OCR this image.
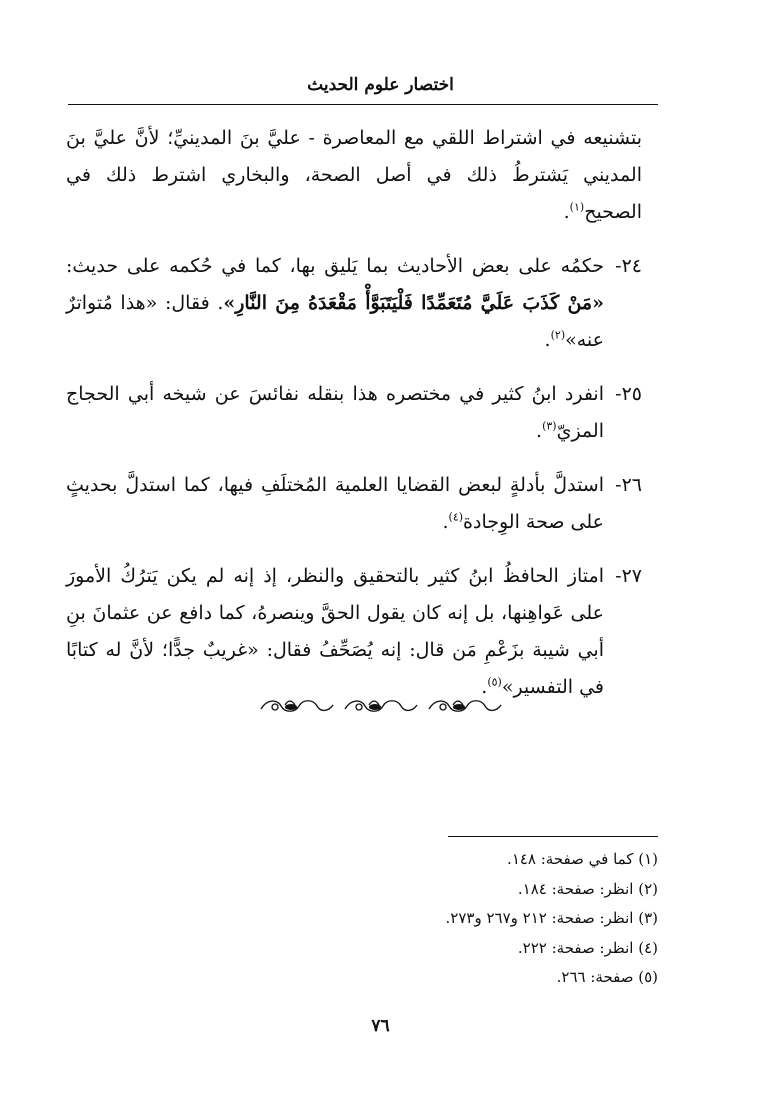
اختصار علوم الحديث

بتشنيعه في اشتراط اللقي مع المعاصرة - عليَّ بنَ المدينيِّ؛ لأنَّ عليَّ بنَ المديني يَشترطُ ذلك في أصل الصحة، والبخاري اشترط ذلك في الصحيح$^{(١)}$.

٢٤-
حكمُه على بعض الأحاديث بما يَليق بها، كما في حُكمه على حديث: «مَنْ كَذَبَ عَلَيَّ مُتَعَمِّدًا فَلْيَتَبَوَّأْ مَقْعَدَهُ مِنَ النَّارِ». فقال: «هذا مُتواترٌ عنه»$^{(٢)}$.
٢٥-
انفرد ابنُ كثير في مختصره هذا بنقله نفائسَ عن شيخه أبي الحجاج المزيّ$^{(٣)}$.
٢٦-
استدلَّ بأدلةٍ لبعض القضايا العلمية المُختلَفِ فيها، كما استدلَّ بحديثٍ على صحة الوِجادة$^{(٤)}$.
٢٧-
امتاز الحافظُ ابنُ كثير بالتحقيق والنظر، إذ إنه لم يكن يَترُكُ الأمورَ على عَواهِنها، بل إنه كان يقول الحقَّ وينصرهُ، كما دافع عن عثمانَ بنِ أبي شيبة بزَعْمِ مَن قال: إنه يُصَحِّفُ فقال: «غريبٌ جدًّا؛ لأنَّ له كتابًا في التفسير»$^{(٥)}$.
(١) كما في صفحة: ١٤٨.
(٢) انظر: صفحة: ١٨٤.
(٣) انظر: صفحة: ٢١٢ و٢٦٧ و٢٧٣.
(٤) انظر: صفحة: ٢٢٢.
(٥) صفحة: ٢٦٦.
٧٦
